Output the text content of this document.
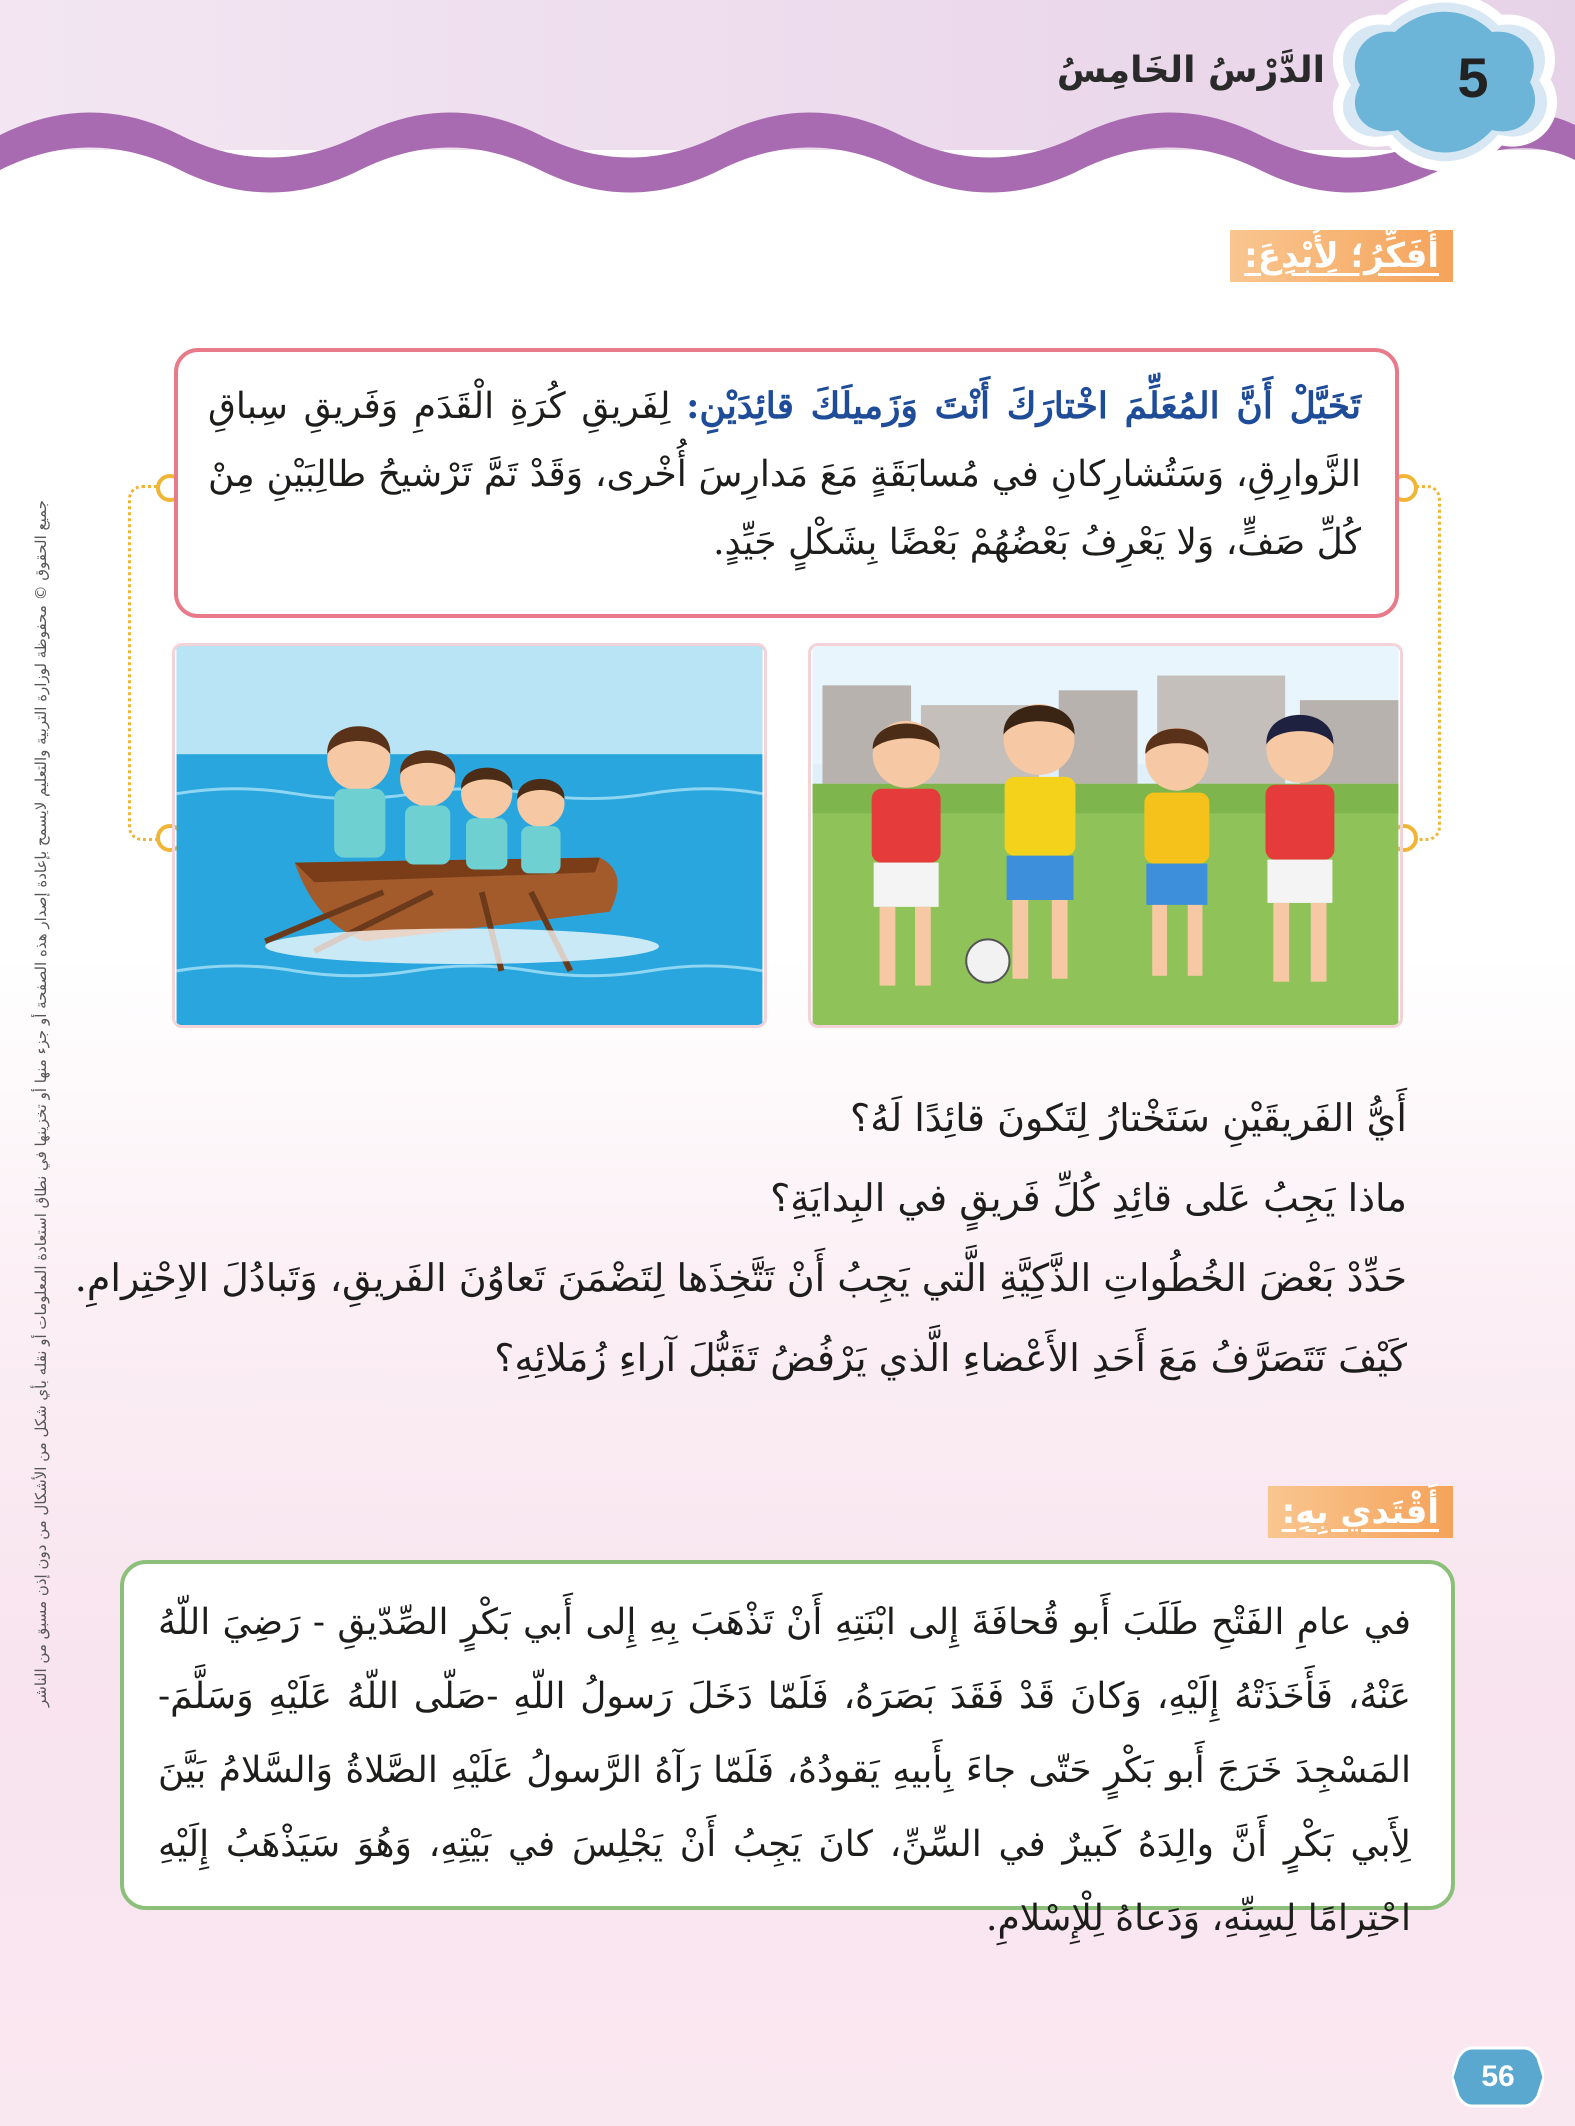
الدَّرْسُ الخَامِسُ	5
جميع الحقوق © محفوظة لوزارة التربية والتعليم لايسمح بإعادة إصدار هذه الصفحة أو جزء منها أو تخزينها في نطاق استعادة المعلومات أو نقله بأي شكل من الأشكال من دون إذن مسبق من الناشر
أُفَكِّرُ؛ لِأُبْدِعَ:
تَخَيَّلْ أَنَّ المُعَلِّمَ اخْتارَكَ أَنْتَ وَزَميلَكَ قائِدَيْنِ: لِفَريقِ كُرَةِ الْقَدَمِ وَفَريقِ سِباقِ الزَّوارِقِ، وَسَتُشارِكانِ في مُسابَقَةٍ مَعَ مَدارِسَ أُخْرى، وَقَدْ تَمَّ تَرْشيحُ طالِبَيْنِ مِنْ كُلِّ صَفٍّ، وَلا يَعْرِفُ بَعْضُهُمْ بَعْضًا بِشَكْلٍ جَيِّدٍ.
أَيُّ الفَريقَيْنِ سَتَخْتارُ لِتَكونَ قائِدًا لَهُ؟
ماذا يَجِبُ عَلى قائِدِ كُلِّ فَريقٍ في البِدايَةِ؟
حَدِّدْ بَعْضَ الخُطُواتِ الذَّكِيَّةِ الَّتي يَجِبُ أَنْ تَتَّخِذَها لِتَضْمَنَ تَعاوُنَ الفَريقِ، وَتَبادُلَ الاِحْتِرامِ.
كَيْفَ تَتَصَرَّفُ مَعَ أَحَدِ الأَعْضاءِ الَّذي يَرْفُضُ تَقَبُّلَ آراءِ زُمَلائِهِ؟
أَقْتَدي بِهِ:
في عامِ الفَتْحِ طَلَبَ أَبو قُحافَةَ إِلى ابْنَتِهِ أَنْ تَذْهَبَ بِهِ إِلى أَبي بَكْرٍ الصِّدّيقِ - رَضِيَ اللّهُ عَنْهُ، فَأَخَذَتْهُ إِلَيْهِ، وَكانَ قَدْ فَقَدَ بَصَرَهُ، فَلَمّا دَخَلَ رَسولُ اللّهِ -صَلّى اللّهُ عَلَيْهِ وَسَلَّمَ- المَسْجِدَ خَرَجَ أَبو بَكْرٍ حَتّى جاءَ بِأَبيهِ يَقودُهُ، فَلَمّا رَآهُ الرَّسولُ عَلَيْهِ الصَّلاةُ وَالسَّلامُ بَيَّنَ لِأَبي بَكْرٍ أَنَّ والِدَهُ كَبيرٌ في السِّنِّ، كانَ يَجِبُ أَنْ يَجْلِسَ في بَيْتِهِ، وَهُوَ سَيَذْهَبُ إِلَيْهِ احْتِرامًا لِسِنِّهِ، وَدَعاهُ لِلْإِسْلامِ.
56
